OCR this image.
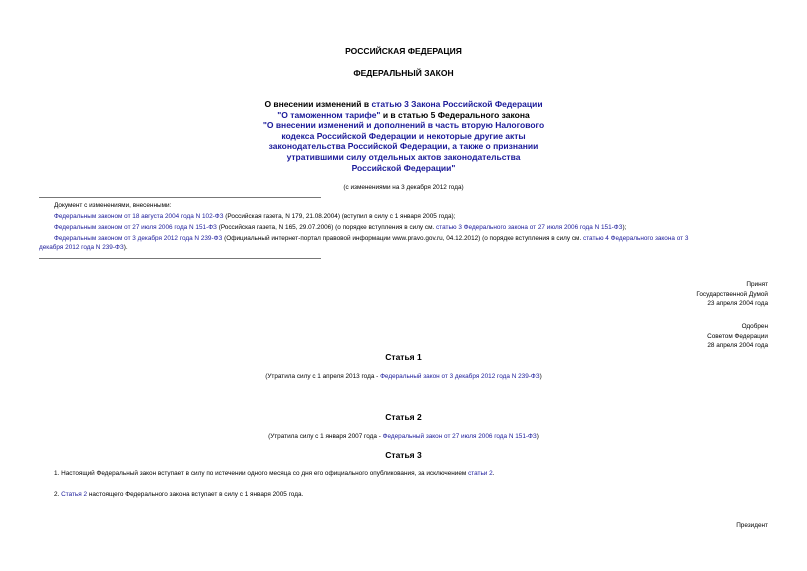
РОССИЙСКАЯ ФЕДЕРАЦИЯ
ФЕДЕРАЛЬНЫЙ ЗАКОН
О внесении изменений в статью 3 Закона Российской Федерации
"О таможенном тарифе" и в статью 5 Федерального закона
"О внесении изменений и дополнений в часть вторую Налогового
кодекса Российской Федерации и некоторые другие акты
законодательства Российской Федерации, а также о признании
утратившими силу отдельных актов законодательства
Российской Федерации"
(с изменениями на 3 декабря 2012 года)
Документ с изменениями, внесенными:
Федеральным законом от 18 августа 2004 года N 102-ФЗ (Российская газета, N 179, 21.08.2004) (вступил в силу с 1 января 2005 года);
Федеральным законом от 27 июля 2006 года N 151-ФЗ (Российская газета, N 165, 29.07.2006) (о порядке вступления в силу см. статью 3 Федерального закона от 27 июля 2006 года N 151-ФЗ);
Федеральным законом от 3 декабря 2012 года N 239-ФЗ (Официальный интернет-портал правовой информации www.pravo.gov.ru, 04.12.2012) (о порядке вступления в силу см. статью 4 Федерального закона от 3
декабря 2012 года N 239-ФЗ).
Принят
Государственной Думой
23 апреля 2004 года
Одобрен
Советом Федерации
28 апреля 2004 года
Статья 1
(Утратила силу с 1 апреля 2013 года - Федеральный закон от 3 декабря 2012 года N 239-ФЗ)
Статья 2
(Утратила силу с 1 января 2007 года - Федеральный закон от 27 июля 2006 года N 151-ФЗ)
Статья 3
1. Настоящий Федеральный закон вступает в силу по истечении одного месяца со дня его официального опубликования, за исключением статьи 2.
2. Статья 2 настоящего Федерального закона вступает в силу с 1 января 2005 года.
Президент
